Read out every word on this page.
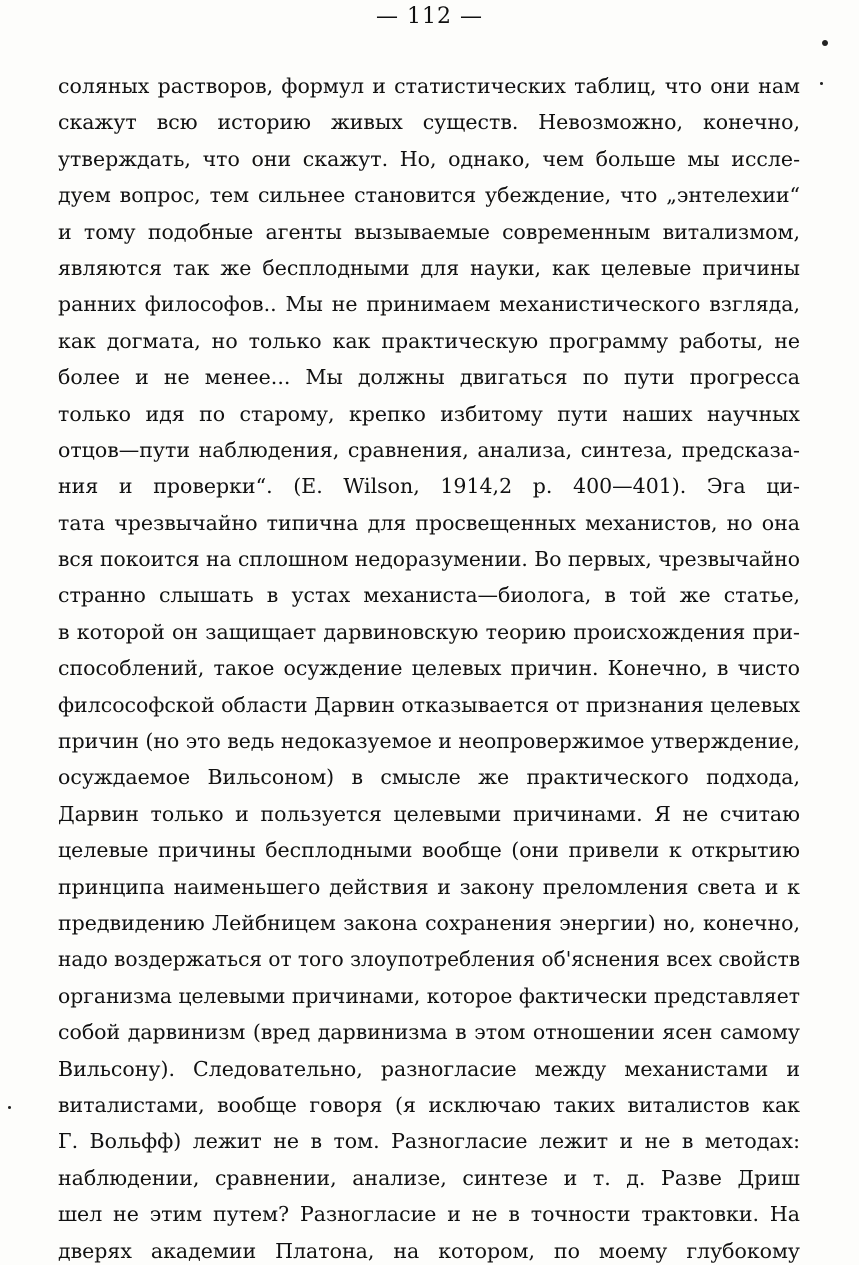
— 112 —
соляных растворов, формул и статистических таблиц, что они нам
скажут всю историю живых существ. Невозможно, конечно,
утверждать, что они скажут. Но, однако, чем больше мы иссле-
дуем вопрос, тем сильнее становится убеждение, что „энтелехии“
и тому подобные агенты вызываемые современным витализмом,
являются так же бесплодными для науки, как целевые причины
ранних философов.. Мы не принимаем механистического взгляда,
как догмата, но только как практическую программу работы, не
более и не менее... Мы должны двигаться по пути прогресса
только идя по старому, крепко избитому пути наших научных
отцов—пути наблюдения, сравнения, анализа, синтеза, предсказа-
ния и проверки“. (E. Wilson, 1914,2 p. 400—401). Эга ци-
тата чрезвычайно типична для просвещенных механистов, но она
вся покоится на сплошном недоразумении. Во первых, чрезвычайно
странно слышать в устах механиста—биолога, в той же статье,
в которой он защищает дарвиновскую теорию происхождения при-
способлений, такое осуждение целевых причин. Конечно, в чисто
филсософской области Дарвин отказывается от признания целевых
причин (но это ведь недоказуемое и неопровержимое утверждение,
осуждаемое Вильсоном) в смысле же практического подхода,
Дарвин только и пользуется целевыми причинами. Я не считаю
целевые причины бесплодными вообще (они привели к открытию
принципа наименьшего действия и закону преломления света и к
предвидению Лейбницем закона сохранения энергии) но, конечно,
надо воздержаться от того злоупотребления об'яснения всех свойств
организма целевыми причинами, которое фактически представляет
собой дарвинизм (вред дарвинизма в этом отношении ясен самому
Вильсону). Следовательно, разногласие между механистами и
виталистами, вообще говоря (я исключаю таких виталистов как
Г. Вольфф) лежит не в том. Разногласие лежит и не в методах:
наблюдении, сравнении, анализе, синтезе и т. д. Разве Дриш
шел не этим путем? Разногласие и не в точности трактовки. На
дверях академии Платона, на котором, по моему глубокому
